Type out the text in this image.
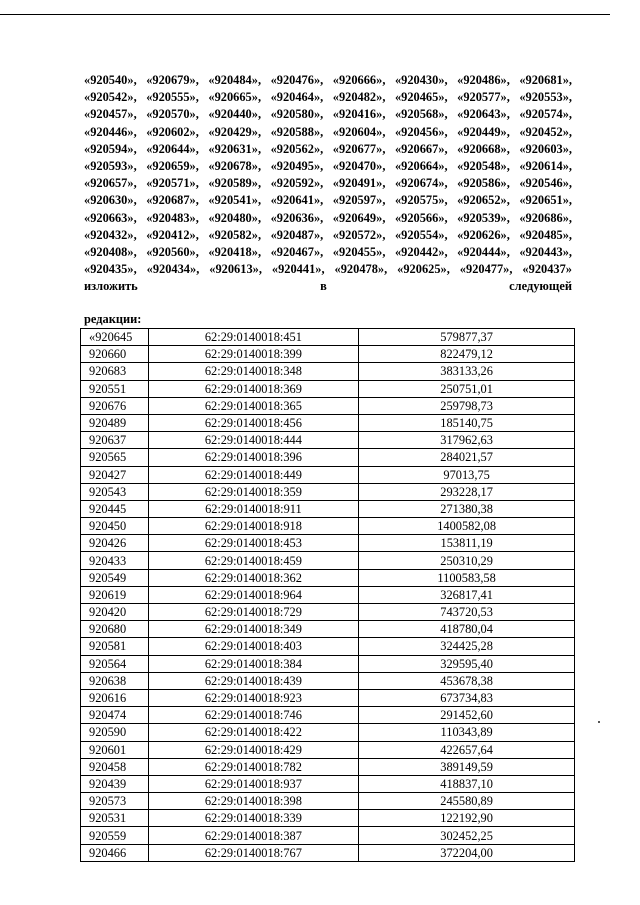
«920540», «920679», «920484», «920476», «920666», «920430», «920486», «920681», «920542», «920555», «920665», «920464», «920482», «920465», «920577», «920553», «920457», «920570», «920440», «920580», «920416», «920568», «920643», «920574», «920446», «920602», «920429», «920588», «920604», «920456», «920449», «920452», «920594», «920644», «920631», «920562», «920677», «920667», «920668», «920603», «920593», «920659», «920678», «920495», «920470», «920664», «920548», «920614», «920657», «920571», «920589», «920592», «920491», «920674», «920586», «920546», «920630», «920687», «920541», «920641», «920597», «920575», «920652», «920651», «920663», «920483», «920480», «920636», «920649», «920566», «920539», «920686», «920432», «920412», «920582», «920487», «920572», «920554», «920626», «920485», «920408», «920560», «920418», «920467», «920455», «920442», «920444», «920443», «920435», «920434», «920613», «920441», «920478», «920625», «920477», «920437» изложить в следующей

редакции:

«920645	62:29:0140018:451	579877,37
920660	62:29:0140018:399	822479,12
920683	62:29:0140018:348	383133,26
920551	62:29:0140018:369	250751,01
920676	62:29:0140018:365	259798,73
920489	62:29:0140018:456	185140,75
920637	62:29:0140018:444	317962,63
920565	62:29:0140018:396	284021,57
920427	62:29:0140018:449	97013,75
920543	62:29:0140018:359	293228,17
920445	62:29:0140018:911	271380,38
920450	62:29:0140018:918	1400582,08
920426	62:29:0140018:453	153811,19
920433	62:29:0140018:459	250310,29
920549	62:29:0140018:362	1100583,58
920619	62:29:0140018:964	326817,41
920420	62:29:0140018:729	743720,53
920680	62:29:0140018:349	418780,04
920581	62:29:0140018:403	324425,28
920564	62:29:0140018:384	329595,40
920638	62:29:0140018:439	453678,38
920616	62:29:0140018:923	673734,83
920474	62:29:0140018:746	291452,60
920590	62:29:0140018:422	110343,89
920601	62:29:0140018:429	422657,64
920458	62:29:0140018:782	389149,59
920439	62:29:0140018:937	418837,10
920573	62:29:0140018:398	245580,89
920531	62:29:0140018:339	122192,90
920559	62:29:0140018:387	302452,25
920466	62:29:0140018:767	372204,00
